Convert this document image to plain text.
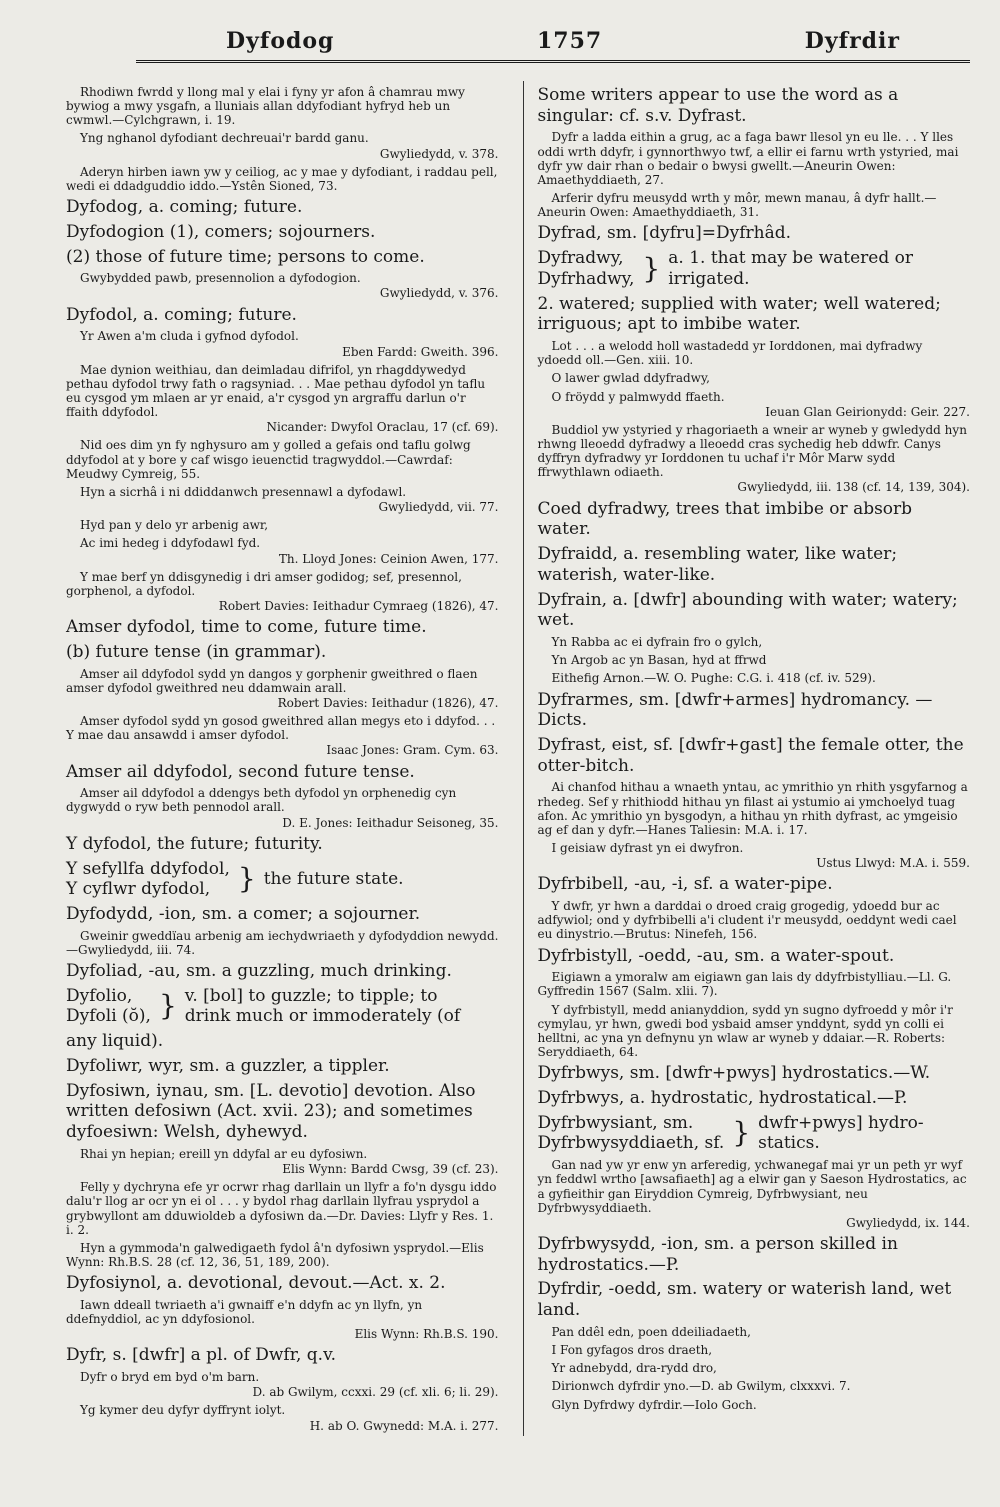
Dyfodog	1757	Dyfrdir
Rhodiwn fwrdd y llong mal y elai i fyny yr afon â chamrau mwy bywiog a mwy ysgafn, a lluniais allan ddyfodiant hyfryd heb un cwmwl.—Cylchgrawn, i. 19.
Yng nghanol dyfodiant dechreuai'r bardd ganu.
Gwyliedydd, v. 378.
Aderyn hirben iawn yw y ceiliog, ac y mae y dyfodiant, i raddau pell, wedi ei ddadguddio iddo.—Ystên Sioned, 73.
Dyfodog, a. coming; future.
Dyfodogion (1), comers; sojourners.
(2) those of future time; persons to come.
Gwybydded pawb, presennolion a dyfodogion.
Gwyliedydd, v. 376.
Dyfodol, a. coming; future.
Yr Awen a'm cluda i gyfnod dyfodol.
Eben Fardd: Gweith. 396.
Mae dynion weithiau, dan deimladau difrifol, yn rhagddywedyd pethau dyfodol trwy fath o ragsyniad. . . Mae pethau dyfodol yn taflu eu cysgod ym mlaen ar yr enaid, a'r cysgod yn argraffu darlun o'r ffaith ddyfodol.
Nicander: Dwyfol Oraclau, 17 (cf. 69).
Nid oes dim yn fy nghysuro am y golled a gefais ond taflu golwg ddyfodol at y bore y caf wisgo ieuenctid tragwyddol.—Cawrdaf: Meudwy Cymreig, 55.
Hyn a sicrhâ i ni ddiddanwch presennawl a dyfodawl.
Gwyliedydd, vii. 77.
Hyd pan y delo yr arbenig awr,
Ac imi hedeg i ddyfodawl fyd.
Th. Lloyd Jones: Ceinion Awen, 177.
Y mae berf yn ddisgynedig i dri amser godidog; sef, presennol, gorphenol, a dyfodol.
Robert Davies: Ieithadur Cymraeg (1826), 47.
Amser dyfodol, time to come, future time.
(b) future tense (in grammar).
Amser ail ddyfodol sydd yn dangos y gorphenir gweithred o flaen amser dyfodol gweithred neu ddamwain arall.
Robert Davies: Ieithadur (1826), 47.
Amser dyfodol sydd yn gosod gweithred allan megys eto i ddyfod. . . Y mae dau ansawdd i amser dyfodol.
Isaac Jones: Gram. Cym. 63.
Amser ail ddyfodol, second future tense.
Amser ail ddyfodol a ddengys beth dyfodol yn orphenedig cyn dygwydd o ryw beth pennodol arall.
D. E. Jones: Ieithadur Seisoneg, 35.
Y dyfodol, the future; futurity.
Y sefyllfa ddyfodol,
Y cyflwr dyfodol, } the future state.
Dyfodydd, -ion, sm. a comer; a sojourner.
Gweinir gweddïau arbenig am iechydwriaeth y dyfodyddion newydd.—Gwyliedydd, iii. 74.
Dyfoliad, -au, sm. a guzzling, much drinking.
Dyfolio,
Dyfoli (ŏ), } v. [bol] to guzzle; to tipple; to
drink much or immoderately (of
any liquid).
Dyfoliwr, wyr, sm. a guzzler, a tippler.
Dyfosiwn, iynau, sm. [L. devotio] devotion. Also written defosiwn (Act. xvii. 23); and sometimes dyfoesiwn: Welsh, dyhewyd.
Rhai yn hepian; ereill yn ddyfal ar eu dyfosiwn.
Elis Wynn: Bardd Cwsg, 39 (cf. 23).
Felly y dychryna efe yr ocrwr rhag darllain un llyfr a fo'n dysgu iddo dalu'r llog ar ocr yn ei ol . . . y bydol rhag darllain llyfrau ysprydol a grybwyllont am dduwioldeb a dyfosiwn da.—Dr. Davies: Llyfr y Res. 1. i. 2.
Hyn a gymmoda'n galwedigaeth fydol â'n dyfosiwn ysprydol.—Elis Wynn: Rh.B.S. 28 (cf. 12, 36, 51, 189, 200).
Dyfosiynol, a. devotional, devout.—Act. x. 2.
Iawn ddeall twriaeth a'i gwnaiff e'n ddyfn ac yn llyfn, yn ddefnyddiol, ac yn ddyfosionol.
Elis Wynn: Rh.B.S. 190.
Dyfr, s. [dwfr] a pl. of Dwfr, q.v.
Dyfr o bryd em byd o'm barn.
D. ab Gwilym, ccxxi. 29 (cf. xli. 6; li. 29).
Yg kymer deu dyfyr dyffrynt iolyt.
H. ab O. Gwynedd: M.A. i. 277.
Some writers appear to use the word as a singular: cf. s.v. Dyfrast.
Dyfr a ladda eithin a grug, ac a faga bawr llesol yn eu lle. . . Y lles oddi wrth ddyfr, i gynnorthwyo twf, a ellir ei farnu wrth ystyried, mai dyfr yw dair rhan o bedair o bwysi gwellt.—Aneurin Owen: Amaethyddiaeth, 27.
Arferir dyfru meusydd wrth y môr, mewn manau, â dyfr hallt.—Aneurin Owen: Amaethyddiaeth, 31.
Dyfrad, sm. [dyfru]=Dyfrhâd.
Dyfradwy,
Dyfrhadwy, } a. 1. that may be watered or
irrigated.
2. watered; supplied with water; well watered; irriguous; apt to imbibe water.
Lot . . . a welodd holl wastadedd yr Iorddonen, mai dyfradwy ydoedd oll.—Gen. xiii. 10.
O lawer gwlad ddyfradwy,
O fröydd y palmwydd ffaeth.
Ieuan Glan Geirionydd: Geir. 227.
Buddiol yw ystyried y rhagoriaeth a wneir ar wyneb y gwledydd hyn rhwng lleoedd dyfradwy a lleoedd cras sychedig heb ddwfr. Canys dyffryn dyfradwy yr Iorddonen tu uchaf i'r Môr Marw sydd ffrwythlawn odiaeth.
Gwyliedydd, iii. 138 (cf. 14, 139, 304).
Coed dyfradwy, trees that imbibe or absorb water.
Dyfraidd, a. resembling water, like water; waterish, water-like.
Dyfrain, a. [dwfr] abounding with water; watery; wet.
Yn Rabba ac ei dyfrain fro o gylch,
Yn Argob ac yn Basan, hyd at ffrwd
Eithefig Arnon.—W. O. Pughe: C.G. i. 418 (cf. iv. 529).
Dyfrarmes, sm. [dwfr+armes] hydromancy. —Dicts.
Dyfrast, eist, sf. [dwfr+gast] the female otter, the otter-bitch.
Ai chanfod hithau a wnaeth yntau, ac ymrithio yn rhith ysgyfarnog a rhedeg. Sef y rhithiodd hithau yn filast ai ystumio ai ymchoelyd tuag afon. Ac ymrithio yn bysgodyn, a hithau yn rhith dyfrast, ac ymgeisio ag ef dan y dyfr.—Hanes Taliesin: M.A. i. 17.
I geisiaw dyfrast yn ei dwyfron.
Ustus Llwyd: M.A. i. 559.
Dyfrbibell, -au, -i, sf. a water-pipe.
Y dwfr, yr hwn a darddai o droed craig grogedig, ydoedd bur ac adfywiol; ond y dyfrbibelli a'i cludent i'r meusydd, oeddynt wedi cael eu dinystrio.—Brutus: Ninefeh, 156.
Dyfrbistyll, -oedd, -au, sm. a water-spout.
Eigiawn a ymoralw am eigiawn gan lais dy ddyfrbistylliau.—Ll. G. Gyffredin 1567 (Salm. xlii. 7).
Y dyfrbistyll, medd anianyddion, sydd yn sugno dyfroedd y môr i'r cymylau, yr hwn, gwedi bod ysbaid amser ynddynt, sydd yn colli ei helltni, ac yna yn defnynu yn wlaw ar wyneb y ddaiar.—R. Roberts: Seryddiaeth, 64.
Dyfrbwys, sm. [dwfr+pwys] hydrostatics.—W.
Dyfrbwys, a. hydrostatic, hydrostatical.—P.
Dyfrbwysiant, sm.
Dyfrbwysyddiaeth, sf. } dwfr+pwys] hydro-
statics.
Gan nad yw yr enw yn arferedig, ychwanegaf mai yr un peth yr wyf yn feddwl wrtho [awsafiaeth] ag a elwir gan y Saeson Hydrostatics, ac a gyfieithir gan Eiryddion Cymreig, Dyfrbwysiant, neu Dyfrbwysyddiaeth.
Gwyliedydd, ix. 144.
Dyfrbwysydd, -ion, sm. a person skilled in hydrostatics.—P.
Dyfrdir, -oedd, sm. watery or waterish land, wet land.
Pan ddêl edn, poen ddeiliadaeth,
I Fon gyfagos dros draeth,
Yr adnebydd, dra-rydd dro,
Dirionwch dyfrdir yno.—D. ab Gwilym, clxxxvi. 7.
Glyn Dyfrdwy dyfrdir.—Iolo Goch.
